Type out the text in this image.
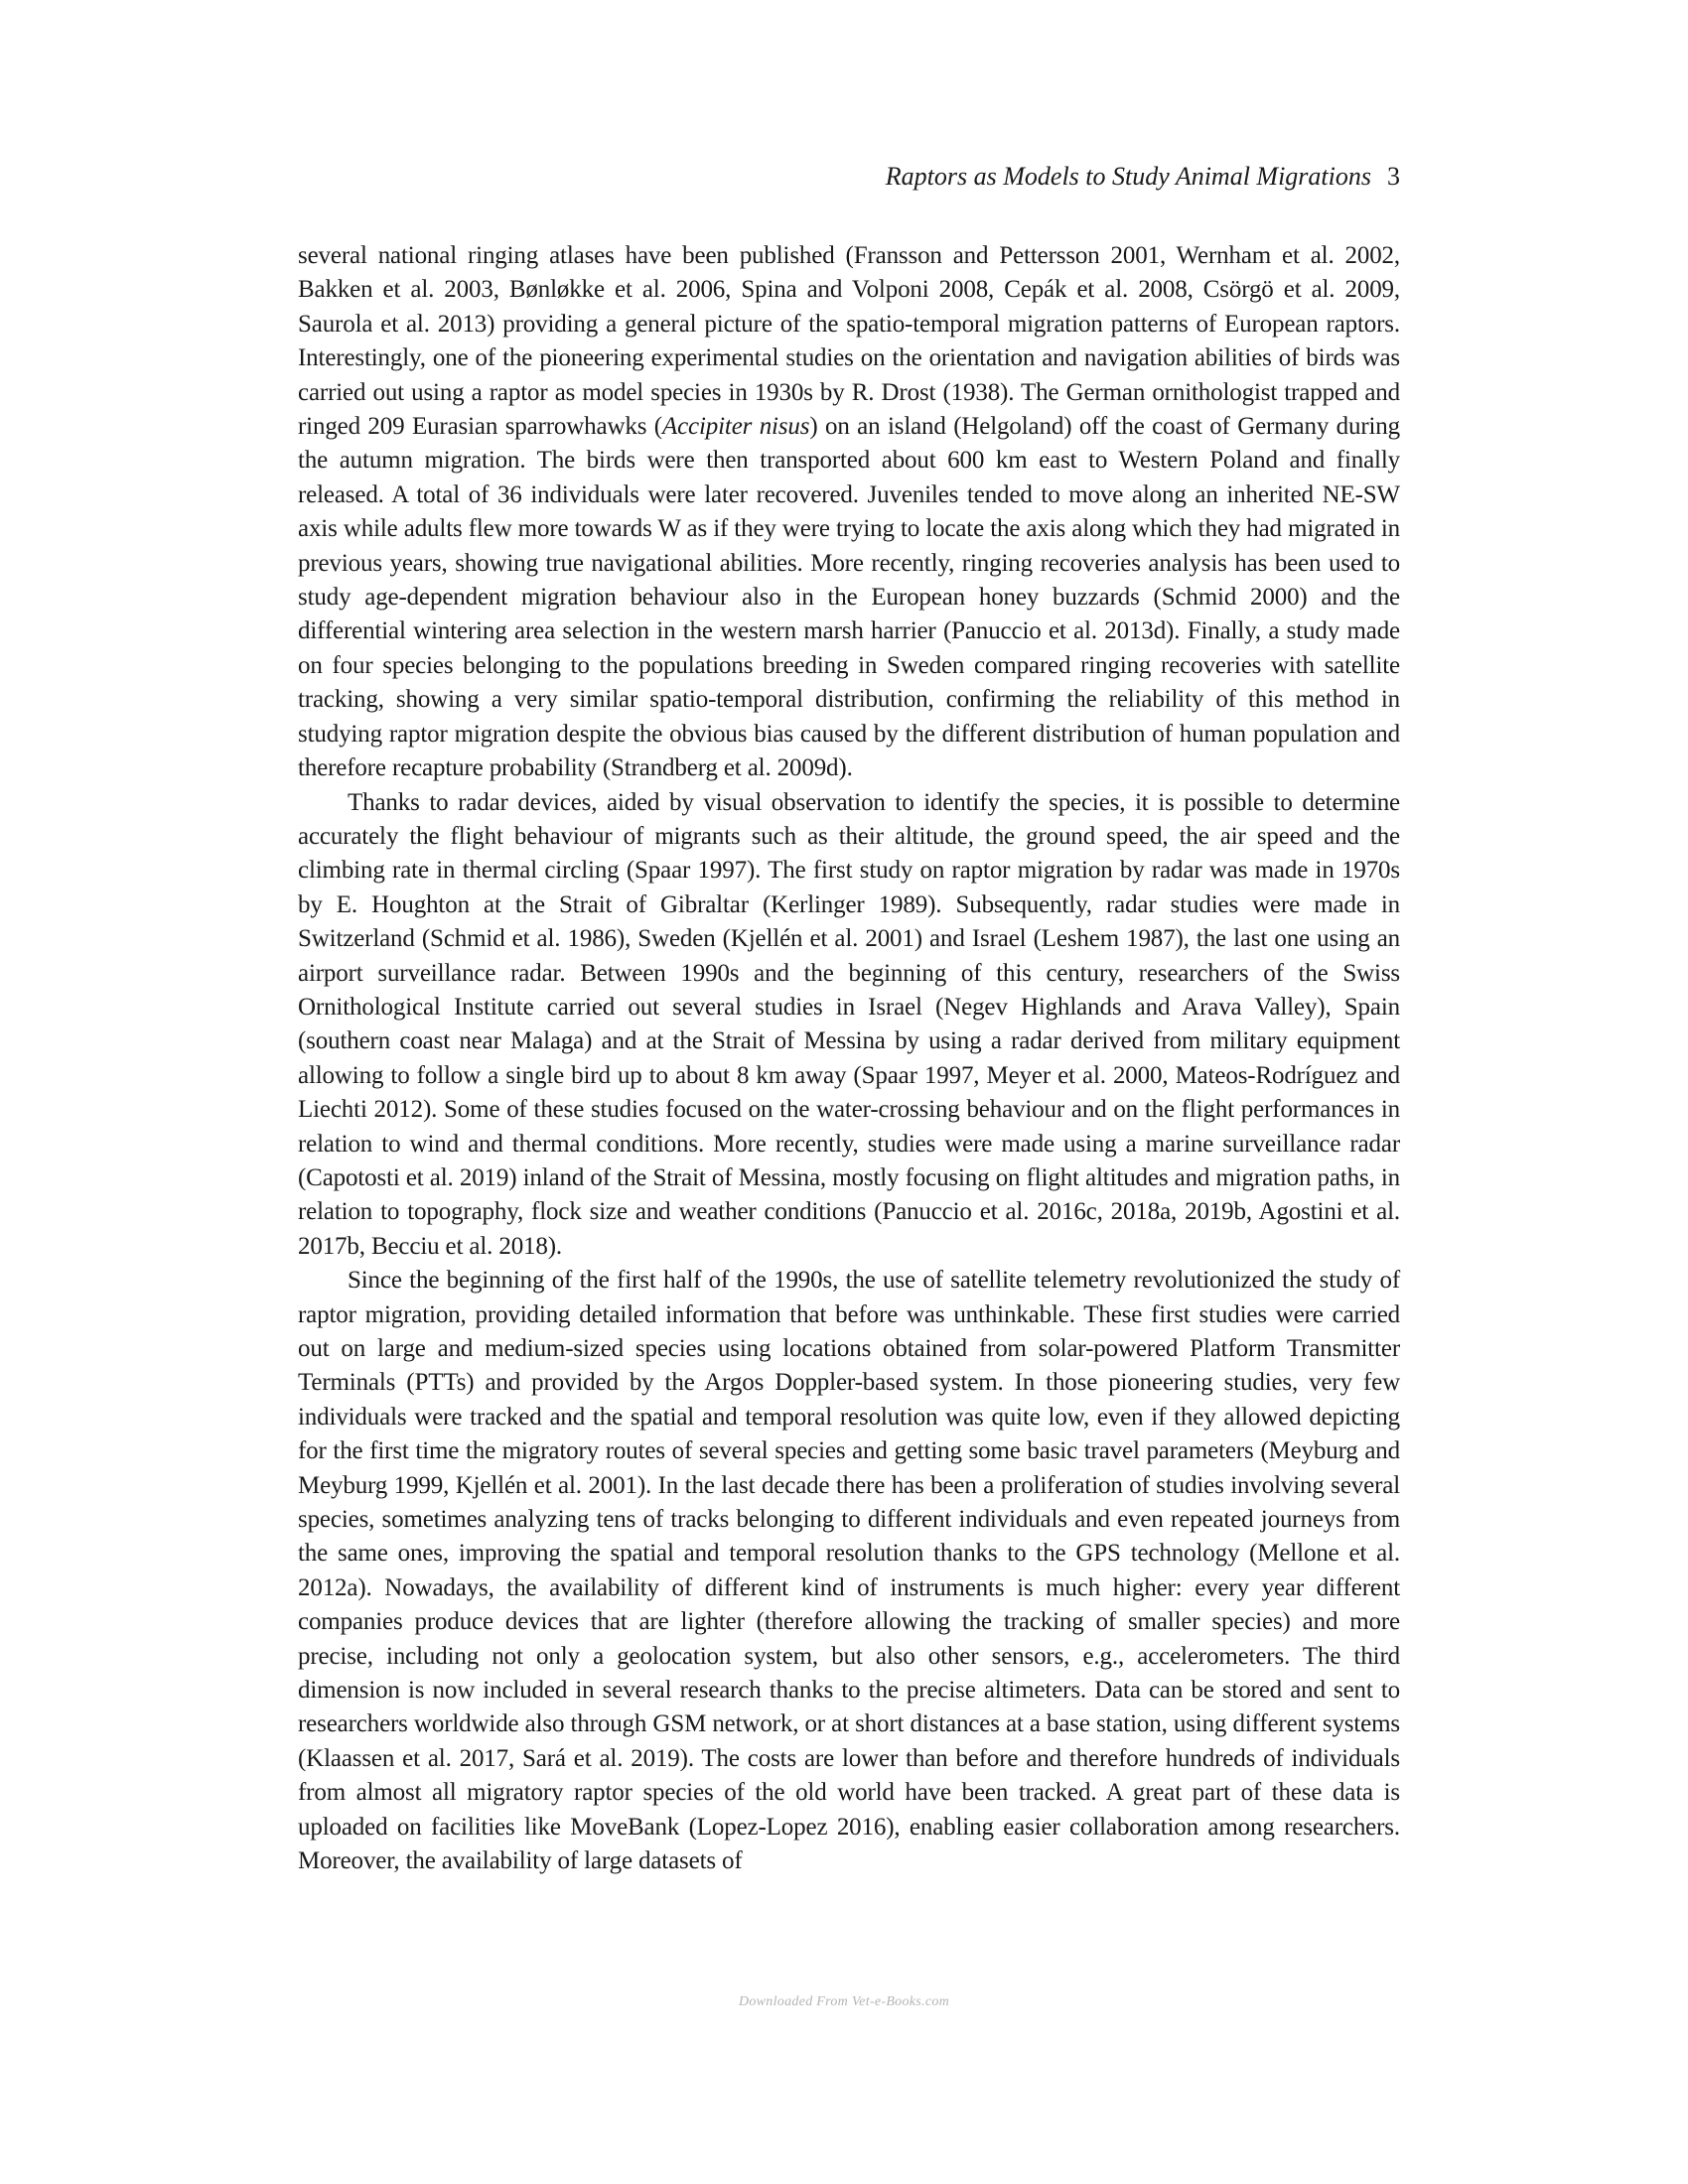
Raptors as Models to Study Animal Migrations 3

several national ringing atlases have been published (Fransson and Pettersson 2001, Wernham et al. 2002, Bakken et al. 2003, Bønløkke et al. 2006, Spina and Volponi 2008, Cepák et al. 2008, Csörgö et al. 2009, Saurola et al. 2013) providing a general picture of the spatio-temporal migration patterns of European raptors. Interestingly, one of the pioneering experimental studies on the orientation and navigation abilities of birds was carried out using a raptor as model species in 1930s by R. Drost (1938). The German ornithologist trapped and ringed 209 Eurasian sparrowhawks (Accipiter nisus) on an island (Helgoland) off the coast of Germany during the autumn migration. The birds were then transported about 600 km east to Western Poland and finally released. A total of 36 individuals were later recovered. Juveniles tended to move along an inherited NE-SW axis while adults flew more towards W as if they were trying to locate the axis along which they had migrated in previous years, showing true navigational abilities. More recently, ringing recoveries analysis has been used to study age-dependent migration behaviour also in the European honey buzzards (Schmid 2000) and the differential wintering area selection in the western marsh harrier (Panuccio et al. 2013d). Finally, a study made on four species belonging to the populations breeding in Sweden compared ringing recoveries with satellite tracking, showing a very similar spatio-temporal distribution, confirming the reliability of this method in studying raptor migration despite the obvious bias caused by the different distribution of human population and therefore recapture probability (Strandberg et al. 2009d).

Thanks to radar devices, aided by visual observation to identify the species, it is possible to determine accurately the flight behaviour of migrants such as their altitude, the ground speed, the air speed and the climbing rate in thermal circling (Spaar 1997). The first study on raptor migration by radar was made in 1970s by E. Houghton at the Strait of Gibraltar (Kerlinger 1989). Subsequently, radar studies were made in Switzerland (Schmid et al. 1986), Sweden (Kjellén et al. 2001) and Israel (Leshem 1987), the last one using an airport surveillance radar. Between 1990s and the beginning of this century, researchers of the Swiss Ornithological Institute carried out several studies in Israel (Negev Highlands and Arava Valley), Spain (southern coast near Malaga) and at the Strait of Messina by using a radar derived from military equipment allowing to follow a single bird up to about 8 km away (Spaar 1997, Meyer et al. 2000, Mateos-Rodríguez and Liechti 2012). Some of these studies focused on the water-crossing behaviour and on the flight performances in relation to wind and thermal conditions. More recently, studies were made using a marine surveillance radar (Capotosti et al. 2019) inland of the Strait of Messina, mostly focusing on flight altitudes and migration paths, in relation to topography, flock size and weather conditions (Panuccio et al. 2016c, 2018a, 2019b, Agostini et al. 2017b, Becciu et al. 2018).

Since the beginning of the first half of the 1990s, the use of satellite telemetry revolutionized the study of raptor migration, providing detailed information that before was unthinkable. These first studies were carried out on large and medium-sized species using locations obtained from solar-powered Platform Transmitter Terminals (PTTs) and provided by the Argos Doppler-based system. In those pioneering studies, very few individuals were tracked and the spatial and temporal resolution was quite low, even if they allowed depicting for the first time the migratory routes of several species and getting some basic travel parameters (Meyburg and Meyburg 1999, Kjellén et al. 2001). In the last decade there has been a proliferation of studies involving several species, sometimes analyzing tens of tracks belonging to different individuals and even repeated journeys from the same ones, improving the spatial and temporal resolution thanks to the GPS technology (Mellone et al. 2012a). Nowadays, the availability of different kind of instruments is much higher: every year different companies produce devices that are lighter (therefore allowing the tracking of smaller species) and more precise, including not only a geolocation system, but also other sensors, e.g., accelerometers. The third dimension is now included in several research thanks to the precise altimeters. Data can be stored and sent to researchers worldwide also through GSM network, or at short distances at a base station, using different systems (Klaassen et al. 2017, Sará et al. 2019). The costs are lower than before and therefore hundreds of individuals from almost all migratory raptor species of the old world have been tracked. A great part of these data is uploaded on facilities like MoveBank (Lopez-Lopez 2016), enabling easier collaboration among researchers. Moreover, the availability of large datasets of

Downloaded From Vet-e-Books.com
